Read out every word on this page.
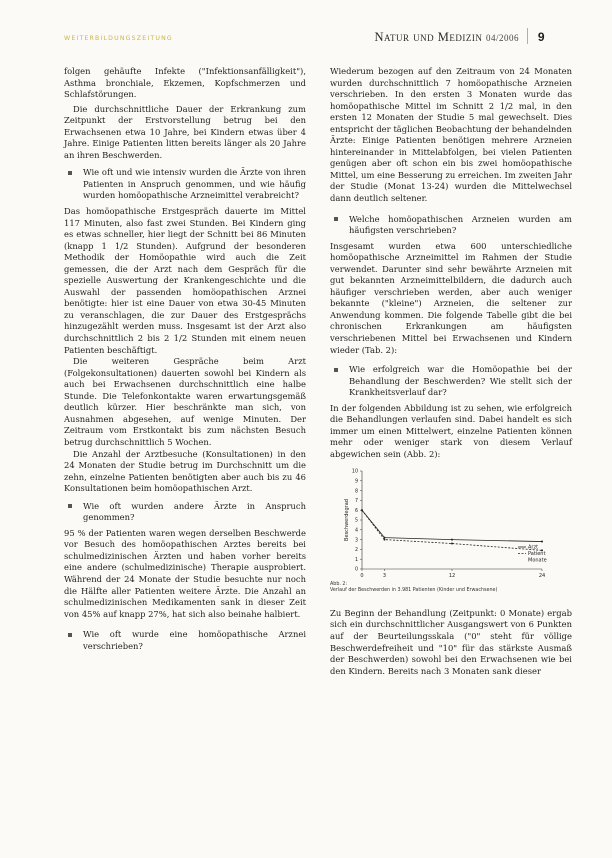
WEITERBILDUNGSZEITUNG	Natur und Medizin 04/2006 9

folgen gehäufte Infekte ("Infektionsanfälligkeit"), Asthma bronchiale, Ekzemen, Kopfschmerzen und Schlafstörungen.

Die durchschnittliche Dauer der Erkrankung zum Zeitpunkt der Erstvorstellung betrug bei den Erwachsenen etwa 10 Jahre, bei Kindern etwas über 4 Jahre. Einige Patienten litten bereits länger als 20 Jahre an ihren Beschwerden.

Wie oft und wie intensiv wurden die Ärzte von ihren Patienten in Anspruch genommen, und wie häufig wurden homöopathische Arzneimittel verabreicht?

Das homöopathische Erstgespräch dauerte im Mittel 117 Minuten, also fast zwei Stunden. Bei Kindern ging es etwas schneller, hier liegt der Schnitt bei 86 Minuten (knapp 1 1/2 Stunden). Aufgrund der besonderen Methodik der Homöopathie wird auch die Zeit gemessen, die der Arzt nach dem Gespräch für die spezielle Auswertung der Krankengeschichte und die Auswahl der passenden homöopathischen Arznei benötigte: hier ist eine Dauer von etwa 30-45 Minuten zu veranschlagen, die zur Dauer des Erstgesprächs hinzugezählt werden muss. Insgesamt ist der Arzt also durchschnittlich 2 bis 2 1/2 Stunden mit einem neuen Patienten beschäftigt.

Die weiteren Gespräche beim Arzt (Folgekonsultationen) dauerten sowohl bei Kindern als auch bei Erwachsenen durchschnittlich eine halbe Stunde. Die Telefonkontakte waren erwartungsgemäß deutlich kürzer. Hier beschränkte man sich, von Ausnahmen abgesehen, auf wenige Minuten. Der Zeitraum vom Erstkontakt bis zum nächsten Besuch betrug durchschnittlich 5 Wochen.

Die Anzahl der Arztbesuche (Konsultationen) in den 24 Monaten der Studie betrug im Durchschnitt um die zehn, einzelne Patienten benötigten aber auch bis zu 46 Konsultationen beim homöopathischen Arzt.

Wie oft wurden andere Ärzte in Anspruch genommen?

95 % der Patienten waren wegen derselben Beschwerde vor Besuch des homöopathischen Arztes bereits bei schulmedizinischen Ärzten und haben vorher bereits eine andere (schulmedizinische) Therapie ausprobiert. Während der 24 Monate der Studie besuchte nur noch die Hälfte aller Patienten weitere Ärzte. Die Anzahl an schulmedizinischen Medikamenten sank in dieser Zeit von 45% auf knapp 27%, hat sich also beinahe halbiert.

Wie oft wurde eine homöopathische Arznei verschrieben?

Wiederum bezogen auf den Zeitraum von 24 Monaten wurden durchschnittlich 7 homöopathische Arzneien verschrieben. In den ersten 3 Monaten wurde das homöopathische Mittel im Schnitt 2 1/2 mal, in den ersten 12 Monaten der Studie 5 mal gewechselt. Dies entspricht der täglichen Beobachtung der behandelnden Ärzte: Einige Patienten benötigen mehrere Arzneien hintereinander in Mittelabfolgen, bei vielen Patienten genügen aber oft schon ein bis zwei homöopathische Mittel, um eine Besserung zu erreichen. Im zweiten Jahr der Studie (Monat 13-24) wurden die Mittelwechsel dann deutlich seltener.

Welche homöopathischen Arzneien wurden am häufigsten verschrieben?

Insgesamt wurden etwa 600 unterschiedliche homöopathische Arzneimittel im Rahmen der Studie verwendet. Darunter sind sehr bewährte Arzneien mit gut bekannten Arzneimittelbildern, die dadurch auch häufiger verschrieben werden, aber auch weniger bekannte ("kleine") Arzneien, die seltener zur Anwendung kommen. Die folgende Tabelle gibt die bei chronischen Erkrankungen am häufigsten verschriebenen Mittel bei Erwachsenen und Kindern wieder (Tab. 2):

Wie erfolgreich war die Homöopathie bei der Behandlung der Beschwerden? Wie stellt sich der Krankheitsverlauf dar?

In der folgenden Abbildung ist zu sehen, wie erfolgreich die Behandlungen verlaufen sind. Dabei handelt es sich immer um einen Mittelwert, einzelne Patienten können mehr oder weniger stark von diesem Verlauf abgewichen sein (Abb. 2):

0
1
2
3
4
5
6
7
8
9
10
0	3	12	24
Beschwerdegrad
Arzt
Patient
Monate
Abb. 2:
Verlauf der Beschwerden in 3.981 Patienten (Kinder und Erwachsene)

Zu Beginn der Behandlung (Zeitpunkt: 0 Monate) ergab sich ein durchschnittlicher Ausgangswert von 6 Punkten auf der Beurteilungsskala ("0" steht für völlige Beschwerdefreiheit und "10" für das stärkste Ausmaß der Beschwerden) sowohl bei den Erwachsenen wie bei den Kindern. Bereits nach 3 Monaten sank dieser
